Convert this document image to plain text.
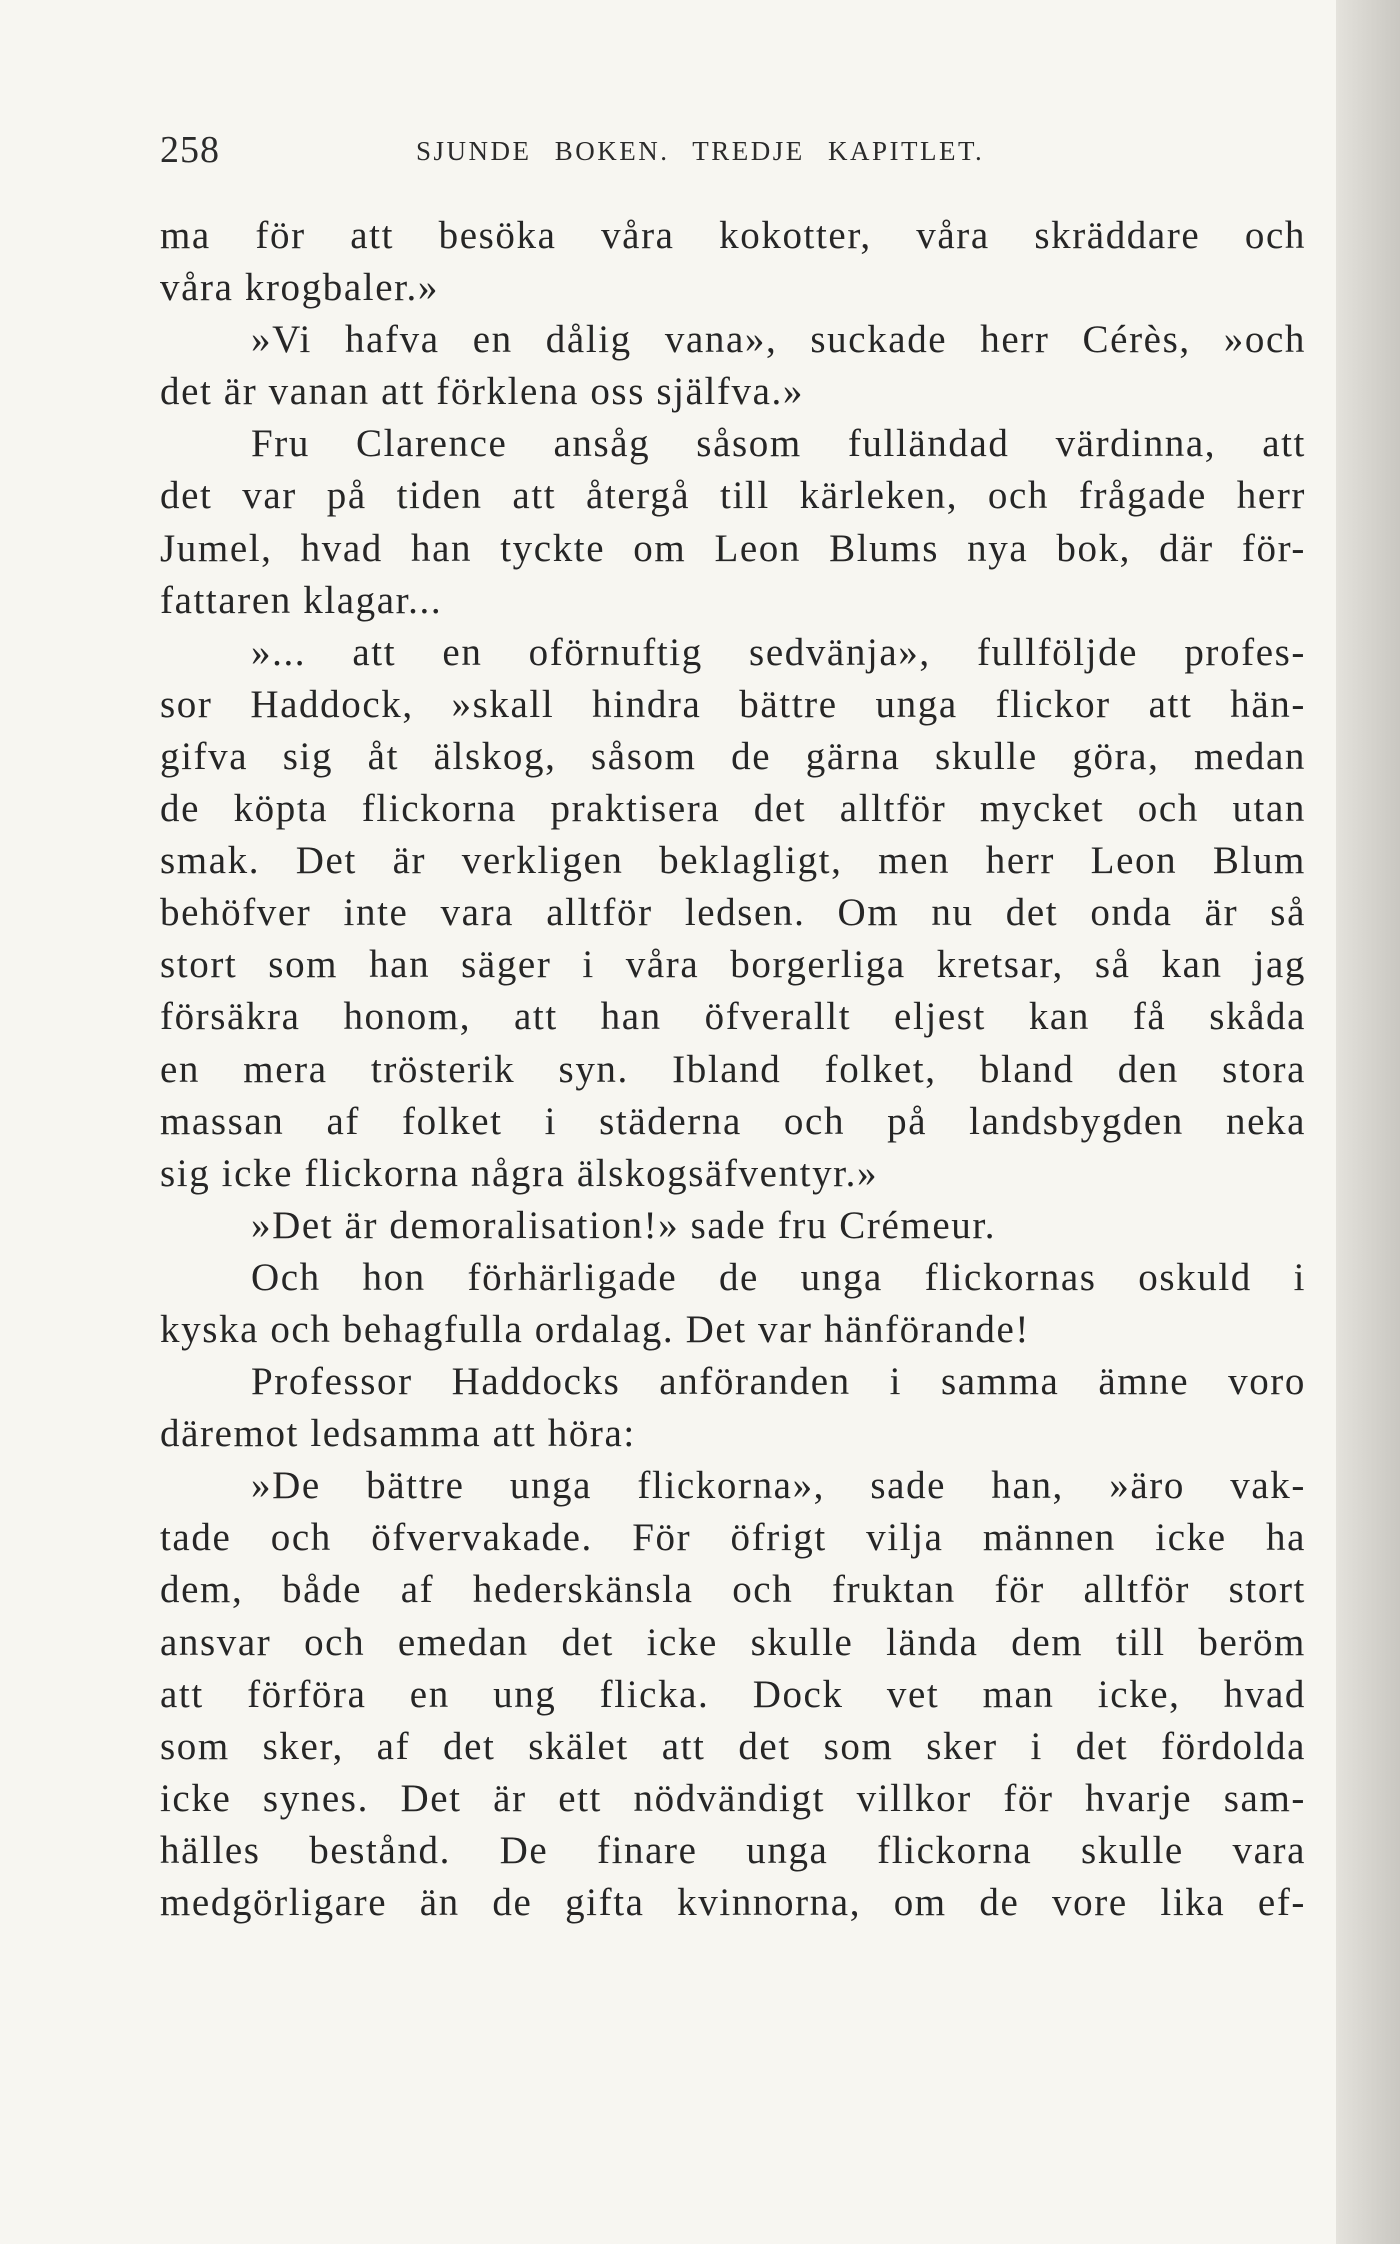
258	SJUNDE BOKEN. TREDJE KAPITLET.
ma för att besöka våra kokotter, våra skräddare och
våra krogbaler.»
»Vi hafva en dålig vana», suckade herr Cérès, »och
det är vanan att förklena oss själfva.»
Fru Clarence ansåg såsom fulländad värdinna, att
det var på tiden att återgå till kärleken, och frågade herr
Jumel, hvad han tyckte om Leon Blums nya bok, där för-
fattaren klagar...
»... att en oförnuftig sedvänja», fullföljde profes-
sor Haddock, »skall hindra bättre unga flickor att hän-
gifva sig åt älskog, såsom de gärna skulle göra, medan
de köpta flickorna praktisera det alltför mycket och utan
smak. Det är verkligen beklagligt, men herr Leon Blum
behöfver inte vara alltför ledsen. Om nu det onda är så
stort som han säger i våra borgerliga kretsar, så kan jag
försäkra honom, att han öfverallt eljest kan få skåda
en mera trösterik syn. Ibland folket, bland den stora
massan af folket i städerna och på landsbygden neka
sig icke flickorna några älskogsäfventyr.»
»Det är demoralisation!» sade fru Crémeur.
Och hon förhärligade de unga flickornas oskuld i
kyska och behagfulla ordalag. Det var hänförande!
Professor Haddocks anföranden i samma ämne voro
däremot ledsamma att höra:
»De bättre unga flickorna», sade han, »äro vak-
tade och öfvervakade. För öfrigt vilja männen icke ha
dem, både af hederskänsla och fruktan för alltför stort
ansvar och emedan det icke skulle lända dem till beröm
att förföra en ung flicka. Dock vet man icke, hvad
som sker, af det skälet att det som sker i det fördolda
icke synes. Det är ett nödvändigt villkor för hvarje sam-
hälles bestånd. De finare unga flickorna skulle vara
medgörligare än de gifta kvinnorna, om de vore lika ef-
